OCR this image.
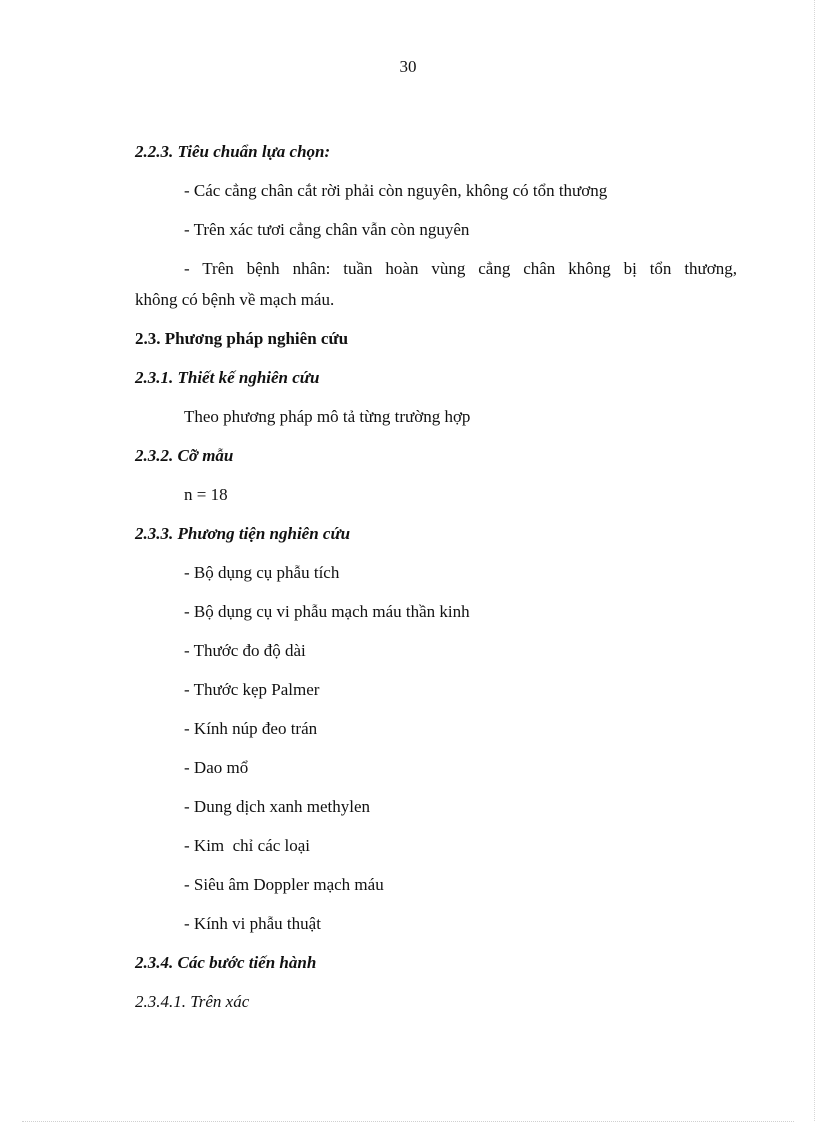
30
2.2.3. Tiêu chuẩn lựa chọn:
- Các cẳng chân cắt rời phải còn nguyên, không có tổn thương
- Trên xác tươi cẳng chân vẫn còn nguyên
- Trên bệnh nhân: tuần hoàn vùng cẳng chân không bị tổn thương,
không có bệnh về mạch máu.
2.3. Phương pháp nghiên cứu
2.3.1. Thiết kế nghiên cứu
Theo phương pháp mô tả từng trường hợp
2.3.2. Cỡ mẫu
n = 18
2.3.3. Phương tiện nghiên cứu
- Bộ dụng cụ phẫu tích
- Bộ dụng cụ vi phẫu mạch máu thần kinh
- Thước đo độ dài
- Thước kẹp Palmer
- Kính núp đeo trán
- Dao mổ
- Dung dịch xanh methylen
- Kim  chỉ các loại
- Siêu âm Doppler mạch máu
- Kính vi phẫu thuật
2.3.4. Các bước tiến hành
2.3.4.1. Trên xác
